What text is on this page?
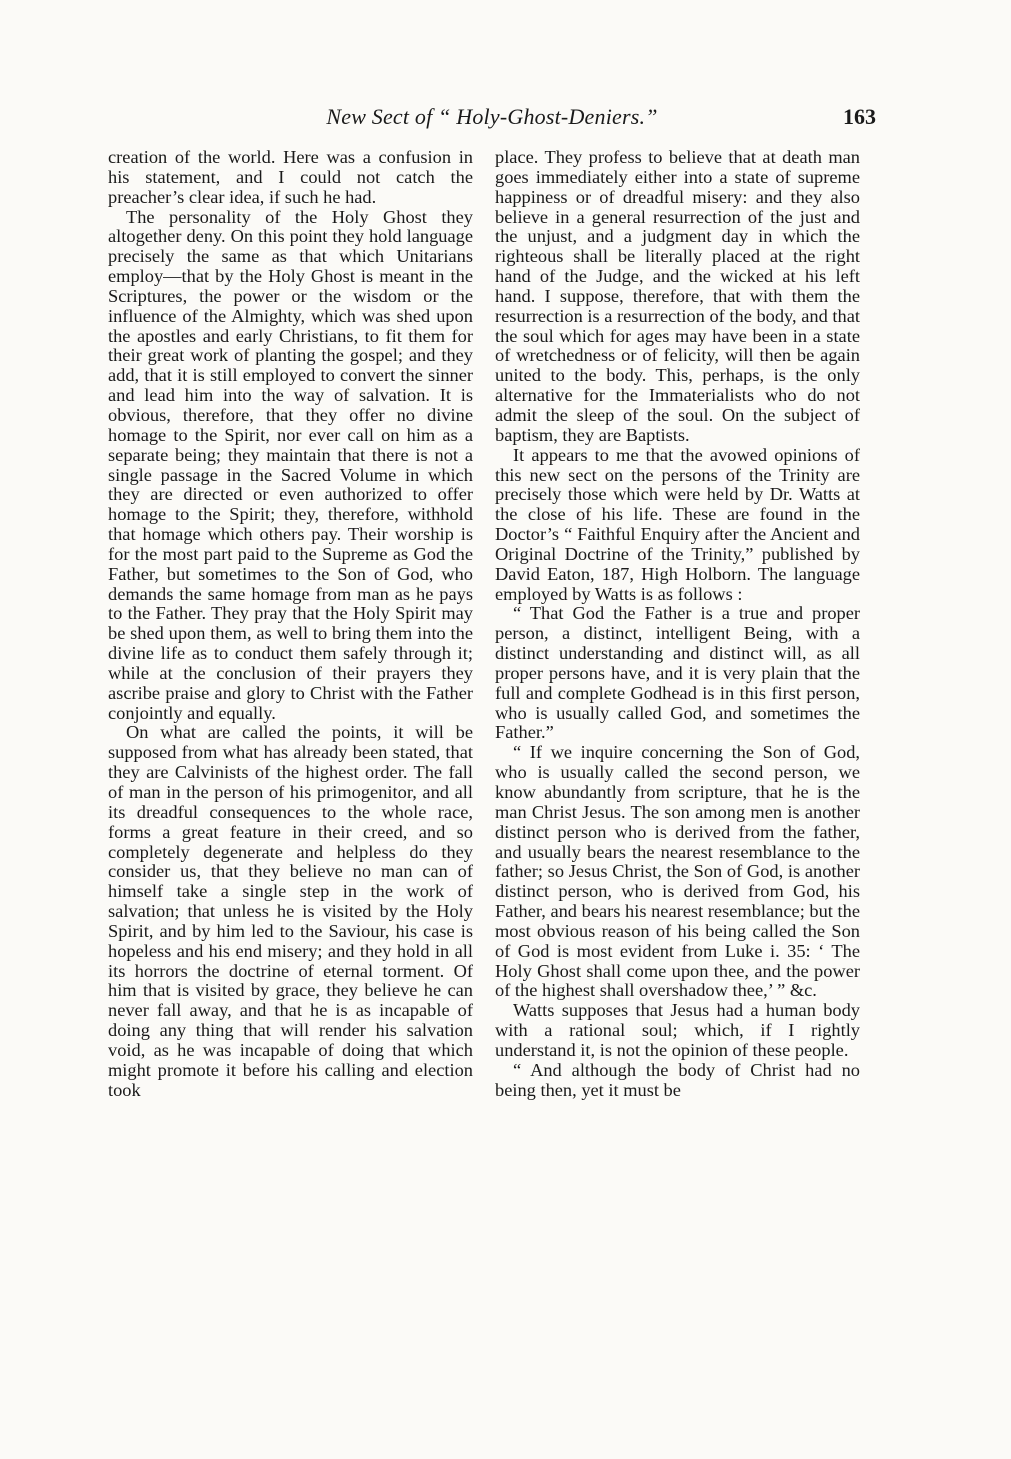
New Sect of “ Holy-Ghost-Deniers.”	163

creation of the world. Here was a confusion in his statement, and I could not catch the preacher’s clear idea, if such he had.

The personality of the Holy Ghost they altogether deny. On this point they hold language precisely the same as that which Unitarians employ—that by the Holy Ghost is meant in the Scriptures, the power or the wisdom or the influence of the Almighty, which was shed upon the apostles and early Christians, to fit them for their great work of planting the gospel; and they add, that it is still employed to convert the sinner and lead him into the way of salvation. It is obvious, therefore, that they offer no divine homage to the Spirit, nor ever call on him as a separate being; they maintain that there is not a single passage in the Sacred Volume in which they are directed or even authorized to offer homage to the Spirit; they, therefore, withhold that homage which others pay. Their worship is for the most part paid to the Supreme as God the Father, but sometimes to the Son of God, who demands the same homage from man as he pays to the Father. They pray that the Holy Spirit may be shed upon them, as well to bring them into the divine life as to conduct them safely through it; while at the conclusion of their prayers they ascribe praise and glory to Christ with the Father conjointly and equally.

On what are called the points, it will be supposed from what has already been stated, that they are Calvinists of the highest order. The fall of man in the person of his primogenitor, and all its dreadful consequences to the whole race, forms a great feature in their creed, and so completely degenerate and helpless do they consider us, that they believe no man can of himself take a single step in the work of salvation; that unless he is visited by the Holy Spirit, and by him led to the Saviour, his case is hopeless and his end misery; and they hold in all its horrors the doctrine of eternal torment. Of him that is visited by grace, they believe he can never fall away, and that he is as incapable of doing any thing that will render his salvation void, as he was incapable of doing that which might promote it before his calling and election took

place. They profess to believe that at death man goes immediately either into a state of supreme happiness or of dreadful misery: and they also believe in a general resurrection of the just and the unjust, and a judgment day in which the righteous shall be literally placed at the right hand of the Judge, and the wicked at his left hand. I suppose, therefore, that with them the resurrection is a resurrection of the body, and that the soul which for ages may have been in a state of wretchedness or of felicity, will then be again united to the body. This, perhaps, is the only alternative for the Immaterialists who do not admit the sleep of the soul. On the subject of baptism, they are Baptists.

It appears to me that the avowed opinions of this new sect on the persons of the Trinity are precisely those which were held by Dr. Watts at the close of his life. These are found in the Doctor’s “ Faithful Enquiry after the Ancient and Original Doctrine of the Trinity,” published by David Eaton, 187, High Holborn. The language employed by Watts is as follows :

“ That God the Father is a true and proper person, a distinct, intelligent Being, with a distinct understanding and distinct will, as all proper persons have, and it is very plain that the full and complete Godhead is in this first person, who is usually called God, and sometimes the Father.”

“ If we inquire concerning the Son of God, who is usually called the second person, we know abundantly from scripture, that he is the man Christ Jesus. The son among men is another distinct person who is derived from the father, and usually bears the nearest resemblance to the father; so Jesus Christ, the Son of God, is another distinct person, who is derived from God, his Father, and bears his nearest resemblance; but the most obvious reason of his being called the Son of God is most evident from Luke i. 35: ‘ The Holy Ghost shall come upon thee, and the power of the highest shall overshadow thee,’ ” &c.

Watts supposes that Jesus had a human body with a rational soul; which, if I rightly understand it, is not the opinion of these people.

“ And although the body of Christ had no being then, yet it must be
